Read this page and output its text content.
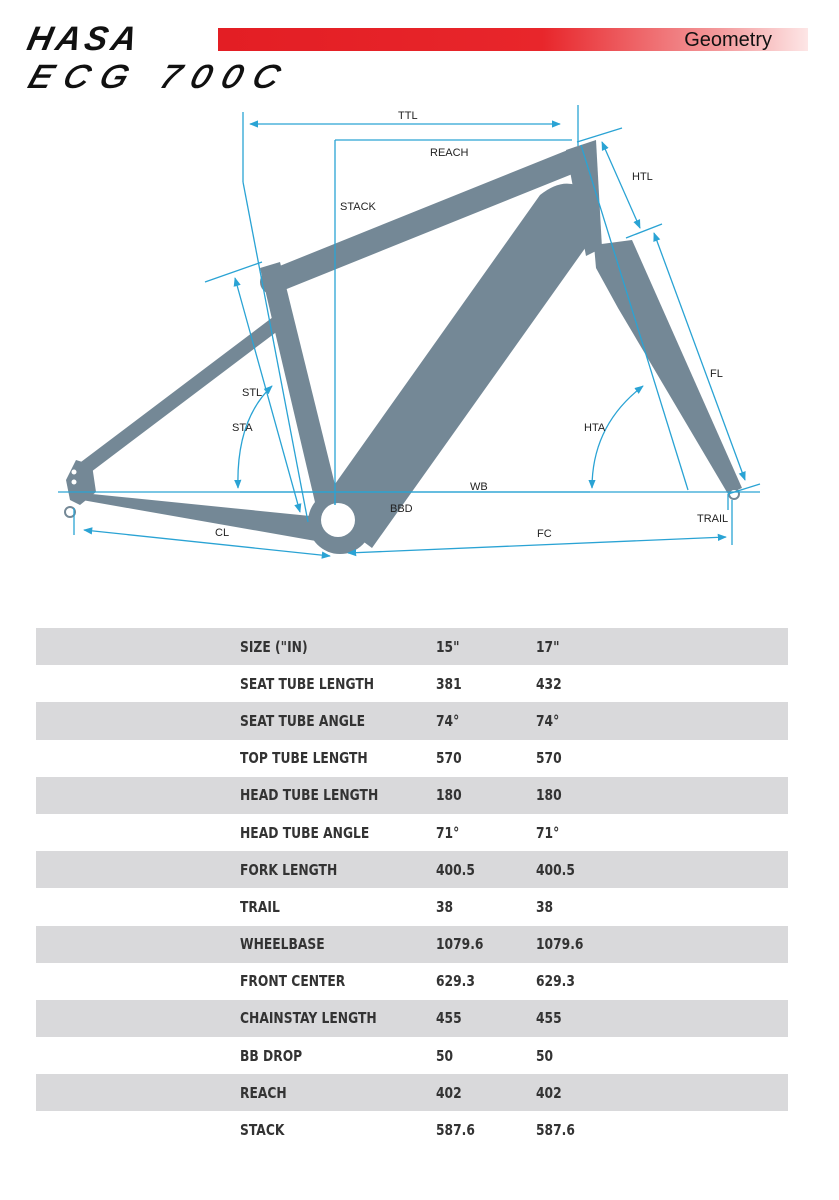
HASA
ECG 700C
Geometry
TTL
REACH
STACK
HTL
STL
STA	HTA
FL
WB
BBD
CL	FC
TRAIL
	SIZE ("IN)	15"	17"
	SEAT TUBE LENGTH	381	432
	SEAT TUBE ANGLE	74°	74°
	TOP TUBE LENGTH	570	570
	HEAD TUBE LENGTH	180	180
	HEAD TUBE ANGLE	71°	71°
	FORK LENGTH	400.5	400.5
	TRAIL	38	38
	WHEELBASE	1079.6	1079.6
	FRONT CENTER	629.3	629.3
	CHAINSTAY LENGTH	455	455
	BB DROP	50	50
	REACH	402	402
	STACK	587.6	587.6
